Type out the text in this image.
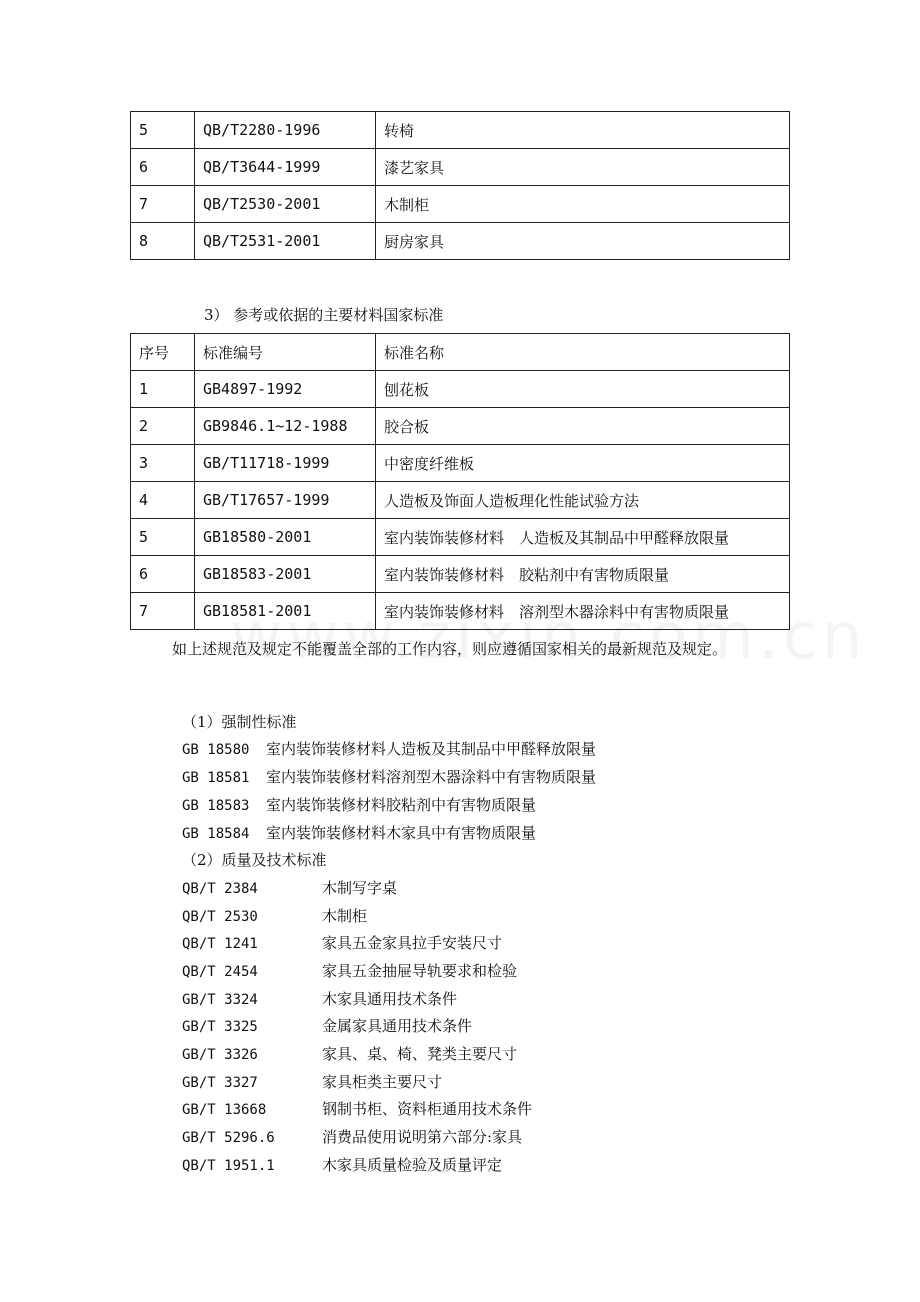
5	QB/T2280-1996	转椅
6	QB/T3644-1999	漆艺家具
7	QB/T2530-2001	木制柜
8	QB/T2531-2001	厨房家具
3） 参考或依据的主要材料国家标准
序号	标准编号	标准名称
1	GB4897-1992	刨花板
2	GB9846.1~12-1988	胶合板
3	GB/T11718-1999	中密度纤维板
4	GB/T17657-1999	人造板及饰面人造板理化性能试验方法
5	GB18580-2001	室内装饰装修材料　人造板及其制品中甲醛释放限量
6	GB18583-2001	室内装饰装修材料　胶粘剂中有害物质限量
7	GB18581-2001	室内装饰装修材料　溶剂型木器涂料中有害物质限量
如上述规范及规定不能覆盖全部的工作内容，则应遵循国家相关的最新规范及规定。
（1）强制性标准
GB 18580 室内装饰装修材料人造板及其制品中甲醛释放限量
GB 18581 室内装饰装修材料溶剂型木器涂料中有害物质限量
GB 18583 室内装饰装修材料胶粘剂中有害物质限量
GB 18584 室内装饰装修材料木家具中有害物质限量
（2）质量及技术标准
QB/T 2384	木制写字桌
QB/T 2530	木制柜
QB/T 1241	家具五金家具拉手安装尺寸
QB/T 2454	家具五金抽屉导轨要求和检验
GB/T 3324	木家具通用技术条件
GB/T 3325	金属家具通用技术条件
GB/T 3326	家具、桌、椅、凳类主要尺寸
GB/T 3327	家具柜类主要尺寸
GB/T 13668	钢制书柜、资料柜通用技术条件
GB/T 5296.6	消费品使用说明第六部分:家具
QB/T 1951.1	木家具质量检验及质量评定
